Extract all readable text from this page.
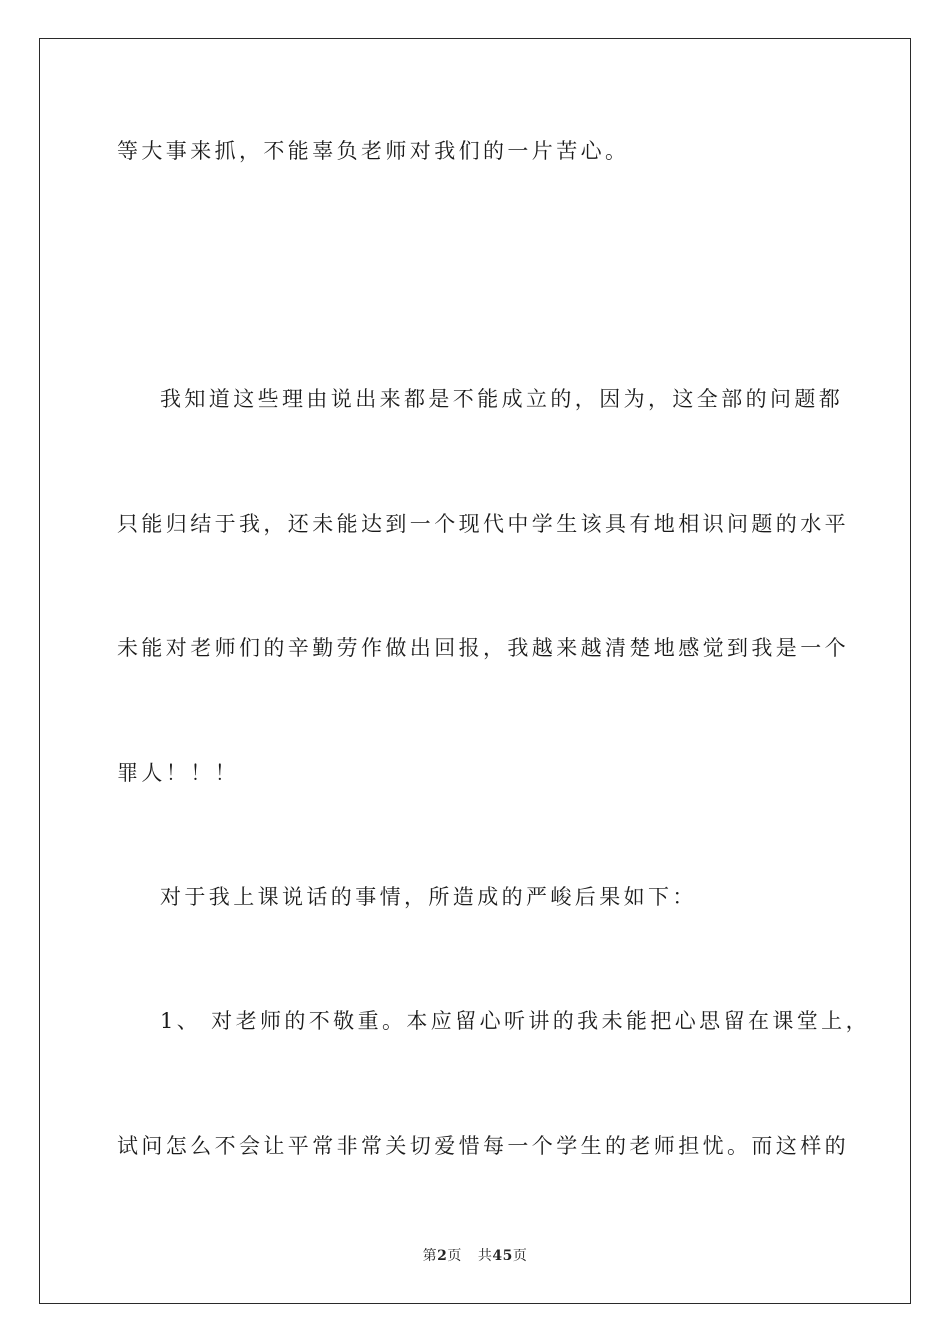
等大事来抓，不能辜负老师对我们的一片苦心。
我知道这些理由说出来都是不能成立的，因为，这全部的问题都
只能归结于我，还未能达到一个现代中学生该具有地相识问题的水平
未能对老师们的辛勤劳作做出回报，我越来越清楚地感觉到我是一个
罪人！！！
对于我上课说话的事情，所造成的严峻后果如下：
1、 对老师的不敬重。本应留心听讲的我未能把心思留在课堂上，
试问怎么不会让平常非常关切爱惜每一个学生的老师担忧。而这样的
第2页 共45页
